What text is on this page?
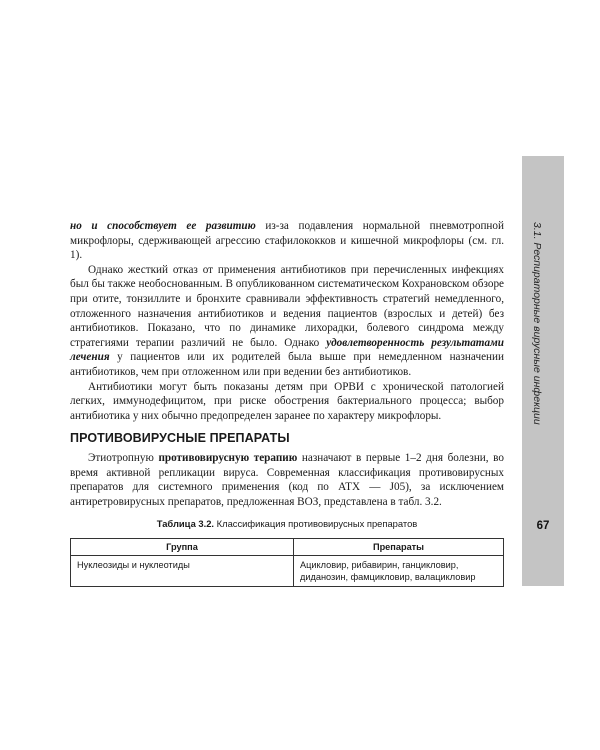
3.1. Респираторные вирусные инфекции
67

но и способствует ее развитию из-за подавления нормальной пневмотропной микрофлоры, сдерживающей агрессию стафилококков и кишечной микрофлоры (см. гл. 1).

Однако жесткий отказ от применения антибиотиков при перечисленных инфекциях был бы также необоснованным. В опубликованном систематическом Кохрановском обзоре при отите, тонзиллите и бронхите сравнивали эффективность стратегий немедленного, отложенного назначения антибиотиков и ведения пациентов (взрослых и детей) без антибиотиков. Показано, что по динамике лихорадки, болевого синдрома между стратегиями терапии различий не было. Однако удовлетворенность результатами лечения у пациентов или их родителей была выше при немедленном назначении антибиотиков, чем при отложенном или при ведении без антибиотиков.

Антибиотики могут быть показаны детям при ОРВИ с хронической патологией легких, иммунодефицитом, при риске обострения бактериального процесса; выбор антибиотика у них обычно предопределен заранее по характеру микрофлоры.

ПРОТИВОВИРУСНЫЕ ПРЕПАРАТЫ

Этиотропную противовирусную терапию назначают в первые 1–2 дня болезни, во время активной репликации вируса. Современная классификация противовирусных препаратов для системного применения (код по АТХ — J05), за исключением антиретровирусных препаратов, предложенная ВОЗ, представлена в табл. 3.2.

Таблица 3.2. Классификация противовирусных препаратов
Группа	Препараты
Нуклеозиды и нуклеотиды	Ацикловир, рибавирин, ганцикловир, диданозин, фамцикловир, валацикловир
